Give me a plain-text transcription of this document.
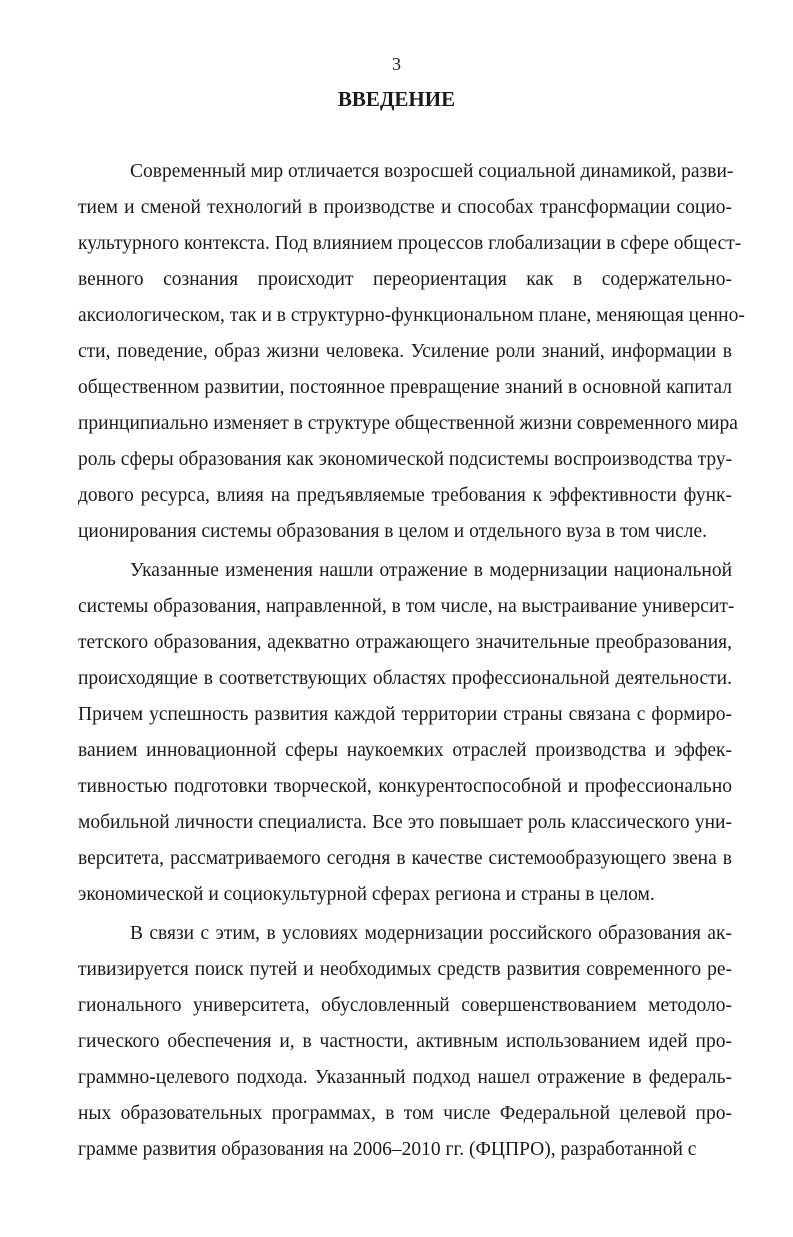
3
ВВЕДЕНИЕ
Современный мир отличается возросшей социальной динамикой, разви-
тием и сменой технологий в производстве и способах трансформации социо-
культурного контекста. Под влиянием процессов глобализации в сфере общест-
венного сознания происходит переориентация как в содержательно-
аксиологическом, так и в структурно-функциональном плане, меняющая ценно-
сти, поведение, образ жизни человека. Усиление роли знаний, информации в
общественном развитии, постоянное превращение знаний в основной капитал
принципиально изменяет в структуре общественной жизни современного мира
роль сферы образования как экономической подсистемы воспроизводства тру-
дового ресурса, влияя на предъявляемые требования к эффективности функ-
ционирования системы образования в целом и отдельного вуза в том числе.
Указанные изменения нашли отражение в модернизации национальной
системы образования, направленной, в том числе, на выстраивание университ-
тетского образования, адекватно отражающего значительные преобразования,
происходящие в соответствующих областях профессиональной деятельности.
Причем успешность развития каждой территории страны связана с формиро-
ванием инновационной сферы наукоемких отраслей производства и эффек-
тивностью подготовки творческой, конкурентоспособной и профессионально
мобильной личности специалиста. Все это повышает роль классического уни-
верситета, рассматриваемого сегодня в качестве системообразующего звена в
экономической и социокультурной сферах региона и страны в целом.
В связи с этим, в условиях модернизации российского образования ак-
тивизируется поиск путей и необходимых средств развития современного ре-
гионального университета, обусловленный совершенствованием методоло-
гического обеспечения и, в частности, активным использованием идей про-
граммно-целевого подхода. Указанный подход нашел отражение в федераль-
ных образовательных программах, в том числе Федеральной целевой про-
грамме развития образования на 2006–2010 гг. (ФЦПРО), разработанной с
